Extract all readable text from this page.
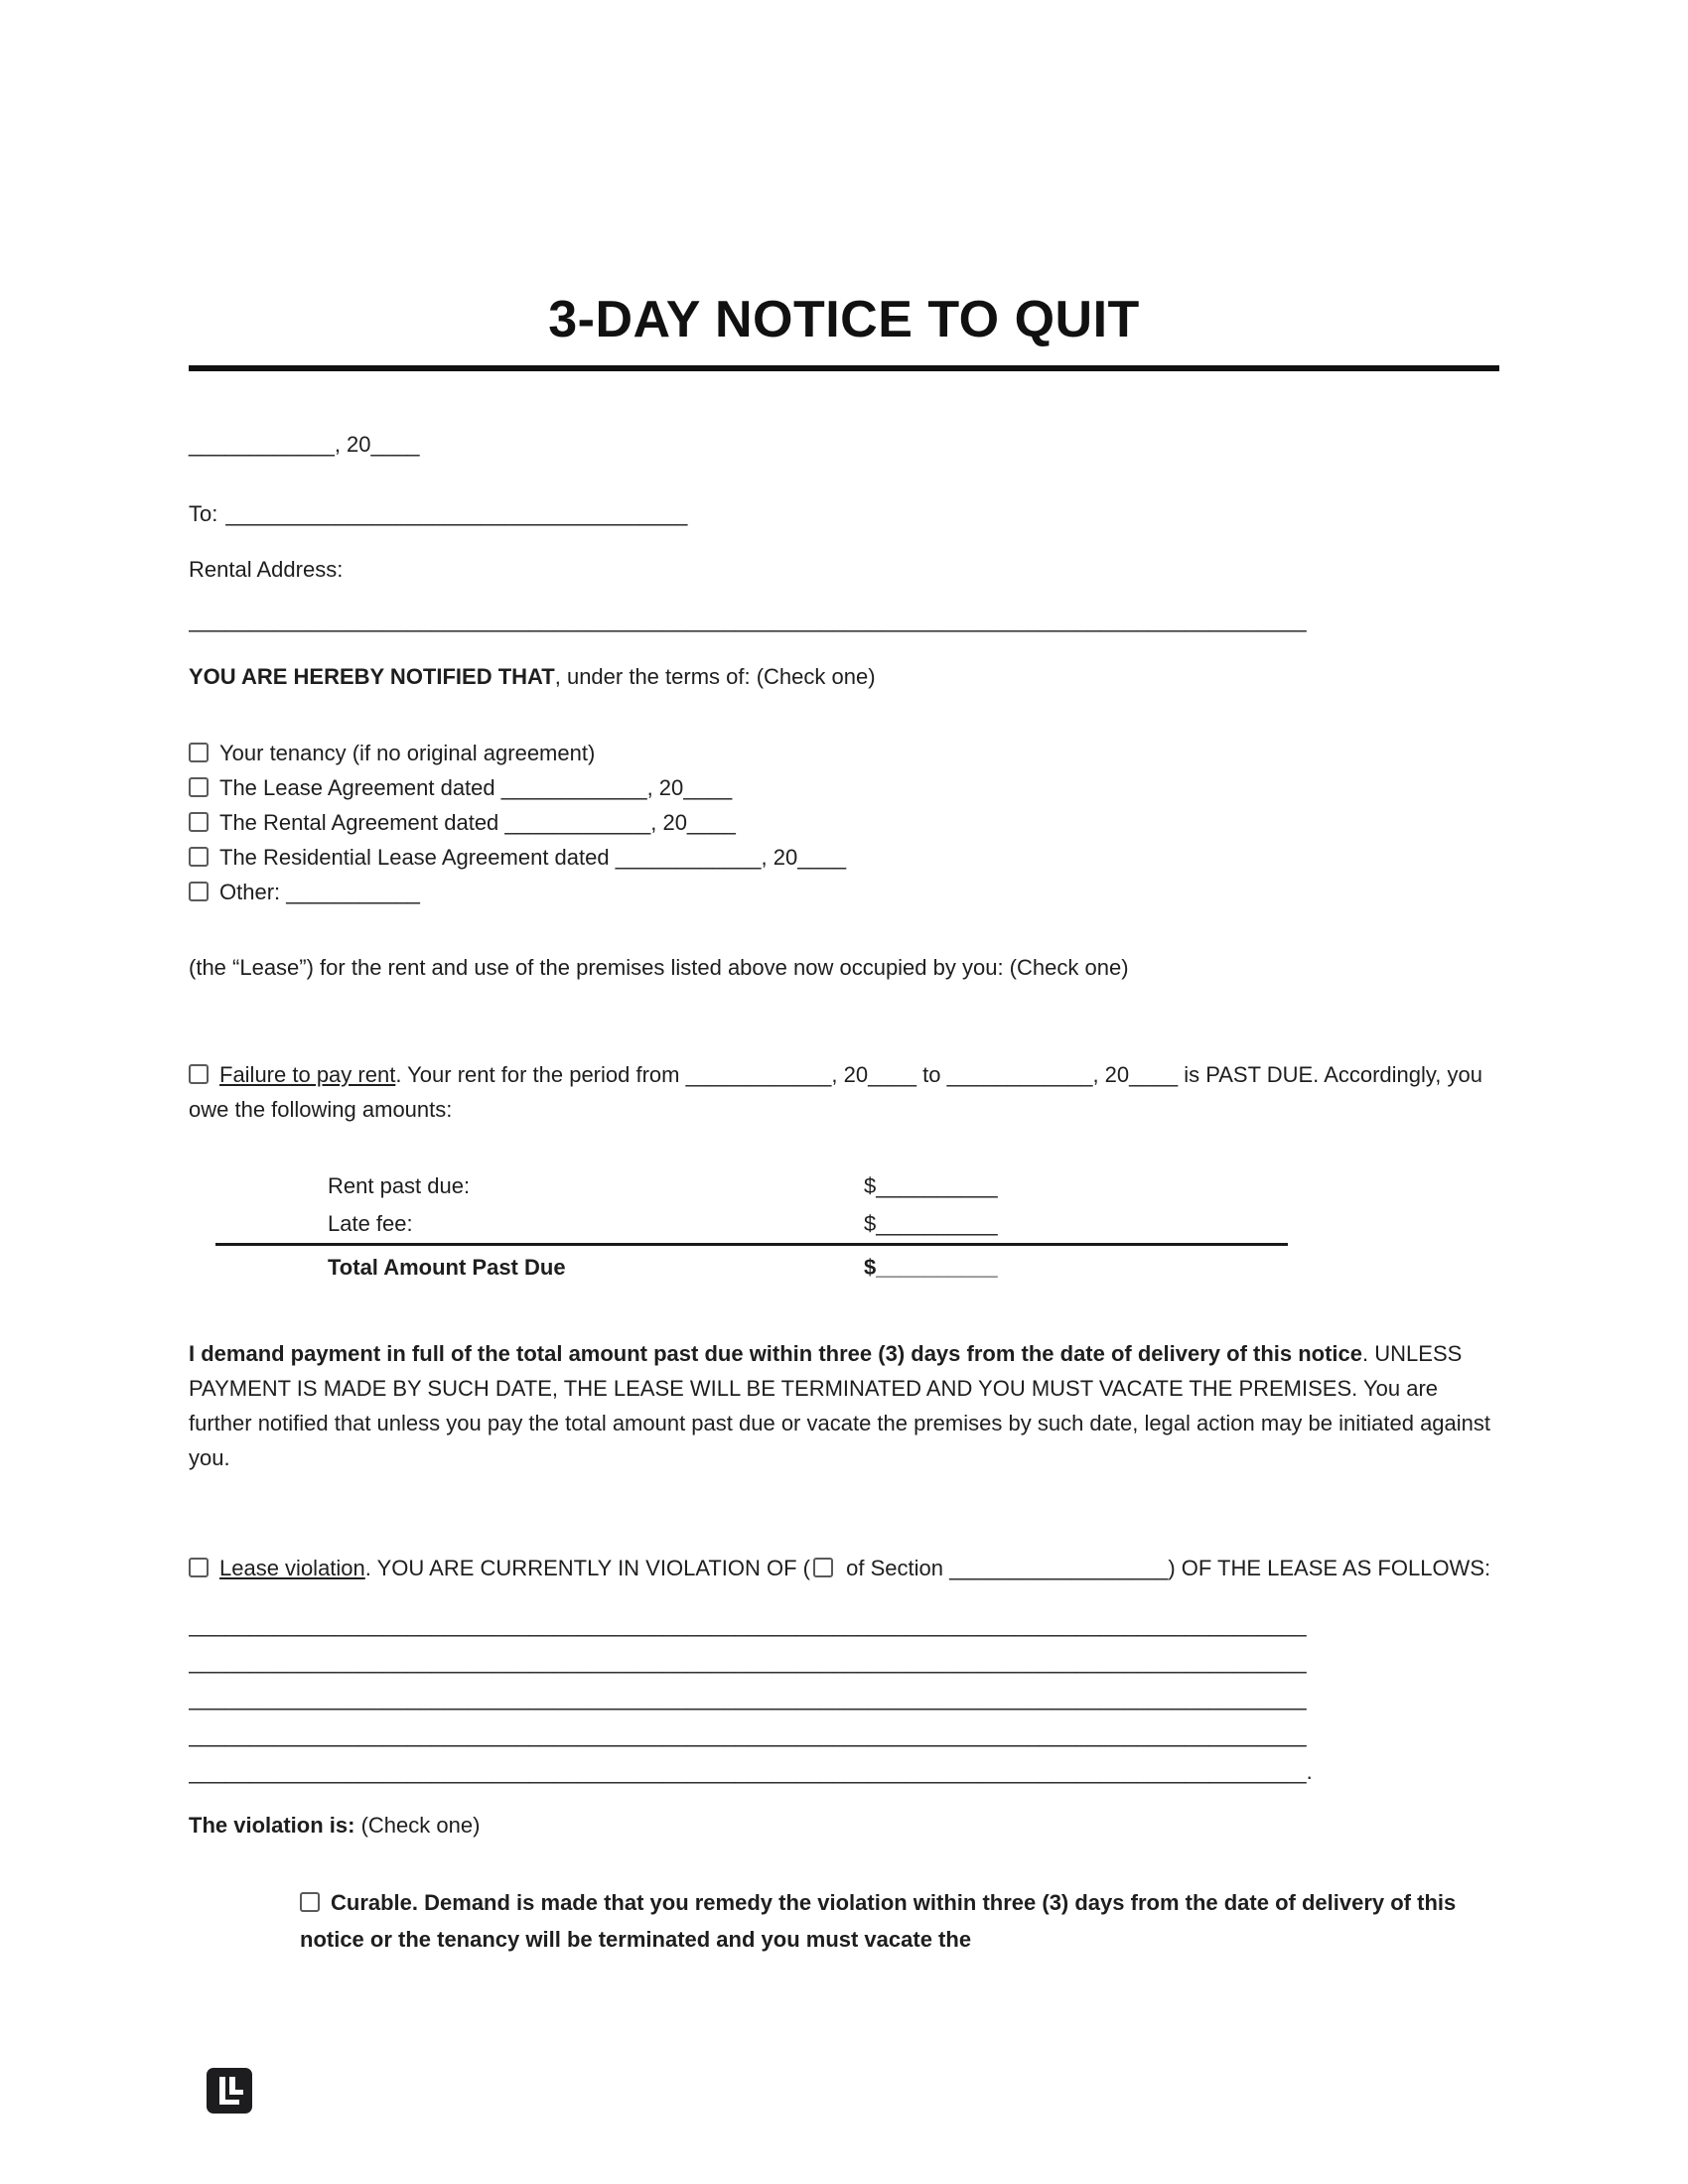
3-DAY NOTICE TO QUIT

____________, 20____

To: ______________________________________

Rental Address:

____________________________________________________________________________________________

YOU ARE HEREBY NOTIFIED THAT, under the terms of: (Check one)

Your tenancy (if no original agreement)
The Lease Agreement dated ____________, 20____
The Rental Agreement dated ____________, 20____
The Residential Lease Agreement dated ____________, 20____
Other: ___________

(the “Lease”) for the rent and use of the premises listed above now occupied by you: (Check one)

Failure to pay rent. Your rent for the period from ____________, 20____ to ____________, 20____ is PAST DUE. Accordingly, you owe the following amounts:

Rent past due:	$__________
Late fee:	$__________
Total Amount Past Due	$__________

I demand payment in full of the total amount past due within three (3) days from the date of delivery of this notice. UNLESS PAYMENT IS MADE BY SUCH DATE, THE LEASE WILL BE TERMINATED AND YOU MUST VACATE THE PREMISES. You are further notified that unless you pay the total amount past due or vacate the premises by such date, legal action may be initiated against you.

Lease violation. YOU ARE CURRENTLY IN VIOLATION OF ( of Section __________________) OF THE LEASE AS FOLLOWS:

____________________________________________________________________________________________

____________________________________________________________________________________________

____________________________________________________________________________________________

____________________________________________________________________________________________

____________________________________________________________________________________________.

The violation is: (Check one)

Curable. Demand is made that you remedy the violation within three (3) days from the date of delivery of this notice or the tenancy will be terminated and you must vacate the
